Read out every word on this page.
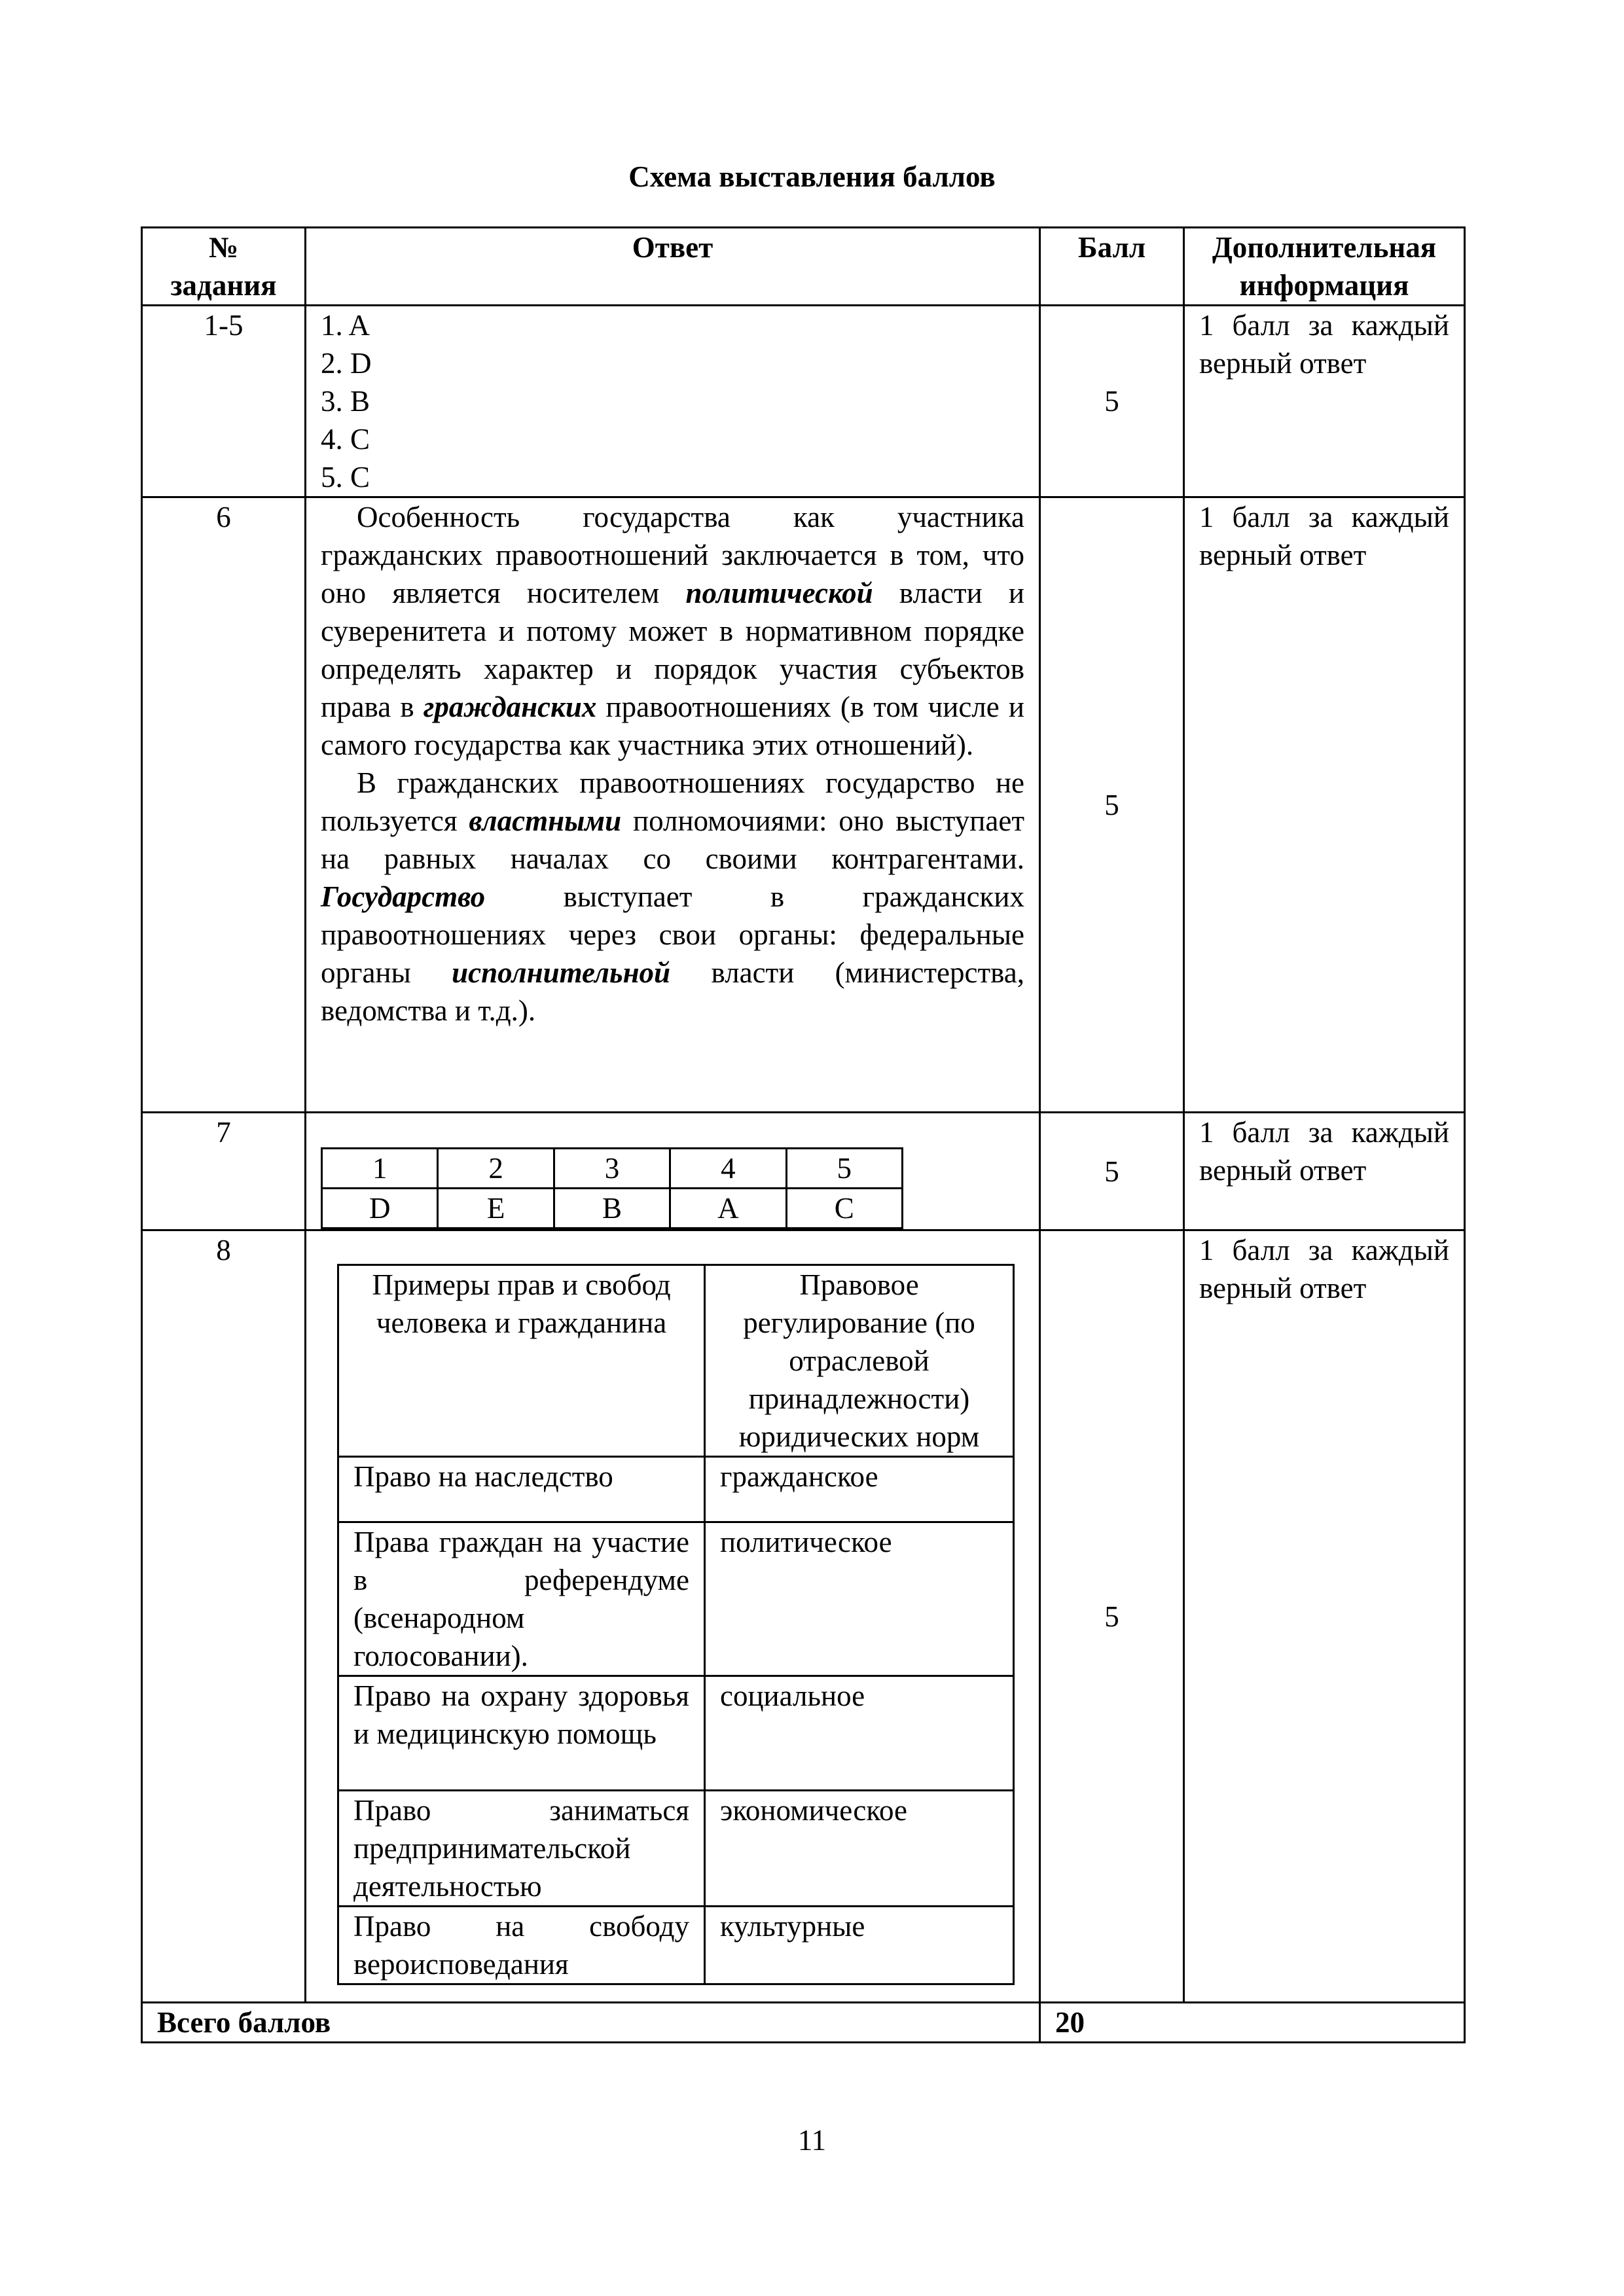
Схема выставления баллов
№ задания	Ответ	Балл	Дополнительная информация
1-5	1. A
2. D
3. B
4. C
5. C
	5	1 балл за каждый верный ответ
6	Особенность государства как участника гражданских правоотношений заключается в том, что оно является носителем политической власти и суверенитета и потому может в нормативном порядке определять характер и порядок участия субъектов права в гражданских правоотношениях (в том числе и самого государства как участника этих отношений).

В гражданских правоотношениях государство не пользуется властными полномочиями: оно выступает на равных началах со своими контрагентами. Государство выступает в гражданских правоотношениях через свои органы: федеральные органы исполнительной власти (министерства, ведомства и т.д.).

	5	1 балл за каждый верный ответ
7	
1	2	3	4	5
D	E	B	A	C
	5	1 балл за каждый верный ответ
8	
Примеры прав и свобод человека и гражданина	Правовое регулирование (по отраслевой принадлежности) юридических норм
Право на наследство	гражданское
Права граждан на участие в референдуме (всенародном голосовании).	политическое
Право на охрану здоровья и медицинскую помощь	социальное
Право заниматься предпринимательской деятельностью	экономическое
Право на свободу вероисповедания	культурные
	5	1 балл за каждый верный ответ
Всего баллов	20
11
